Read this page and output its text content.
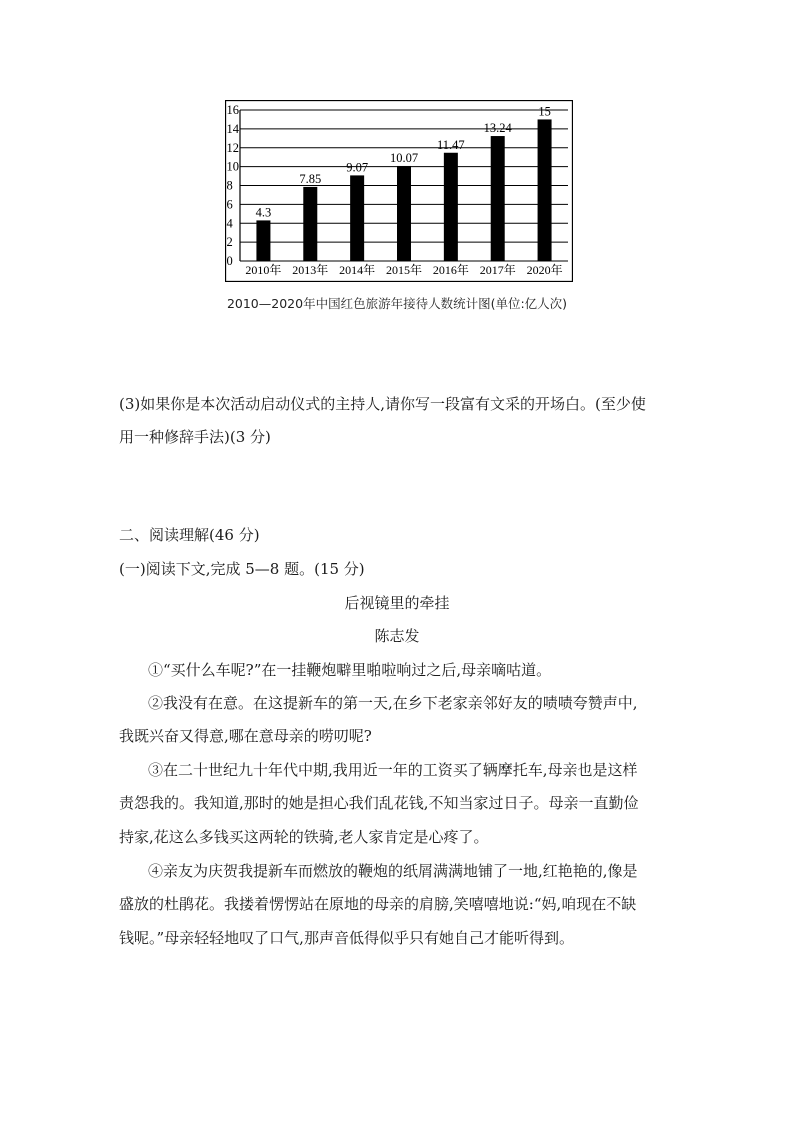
0
2
4
6
8
10
12
14
16
4.3
2010年
7.85
2013年
9.07
2014年
10.07
2015年
11.47
2016年
13.24
2017年
15
2020年
2010—2020年中国红色旅游年接待人数统计图(单位:亿人次)
(3)如果你是本次活动启动仪式的主持人,请你写一段富有文采的开场白。(至少使
用一种修辞手法)(3 分)
二、阅读理解(46 分)
(一)阅读下文,完成 5—8 题。(15 分)
后视镜里的牵挂
陈志发
①“买什么车呢?”在一挂鞭炮噼里啪啦响过之后,母亲嘀咕道。
②我没有在意。在这提新车的第一天,在乡下老家亲邻好友的啧啧夸赞声中,
我既兴奋又得意,哪在意母亲的唠叨呢?
③在二十世纪九十年代中期,我用近一年的工资买了辆摩托车,母亲也是这样
责怨我的。我知道,那时的她是担心我们乱花钱,不知当家过日子。母亲一直勤俭
持家,花这么多钱买这两轮的铁骑,老人家肯定是心疼了。
④亲友为庆贺我提新车而燃放的鞭炮的纸屑满满地铺了一地,红艳艳的,像是
盛放的杜鹃花。我搂着愣愣站在原地的母亲的肩膀,笑嘻嘻地说:“妈,咱现在不缺
钱呢。”母亲轻轻地叹了口气,那声音低得似乎只有她自己才能听得到。
